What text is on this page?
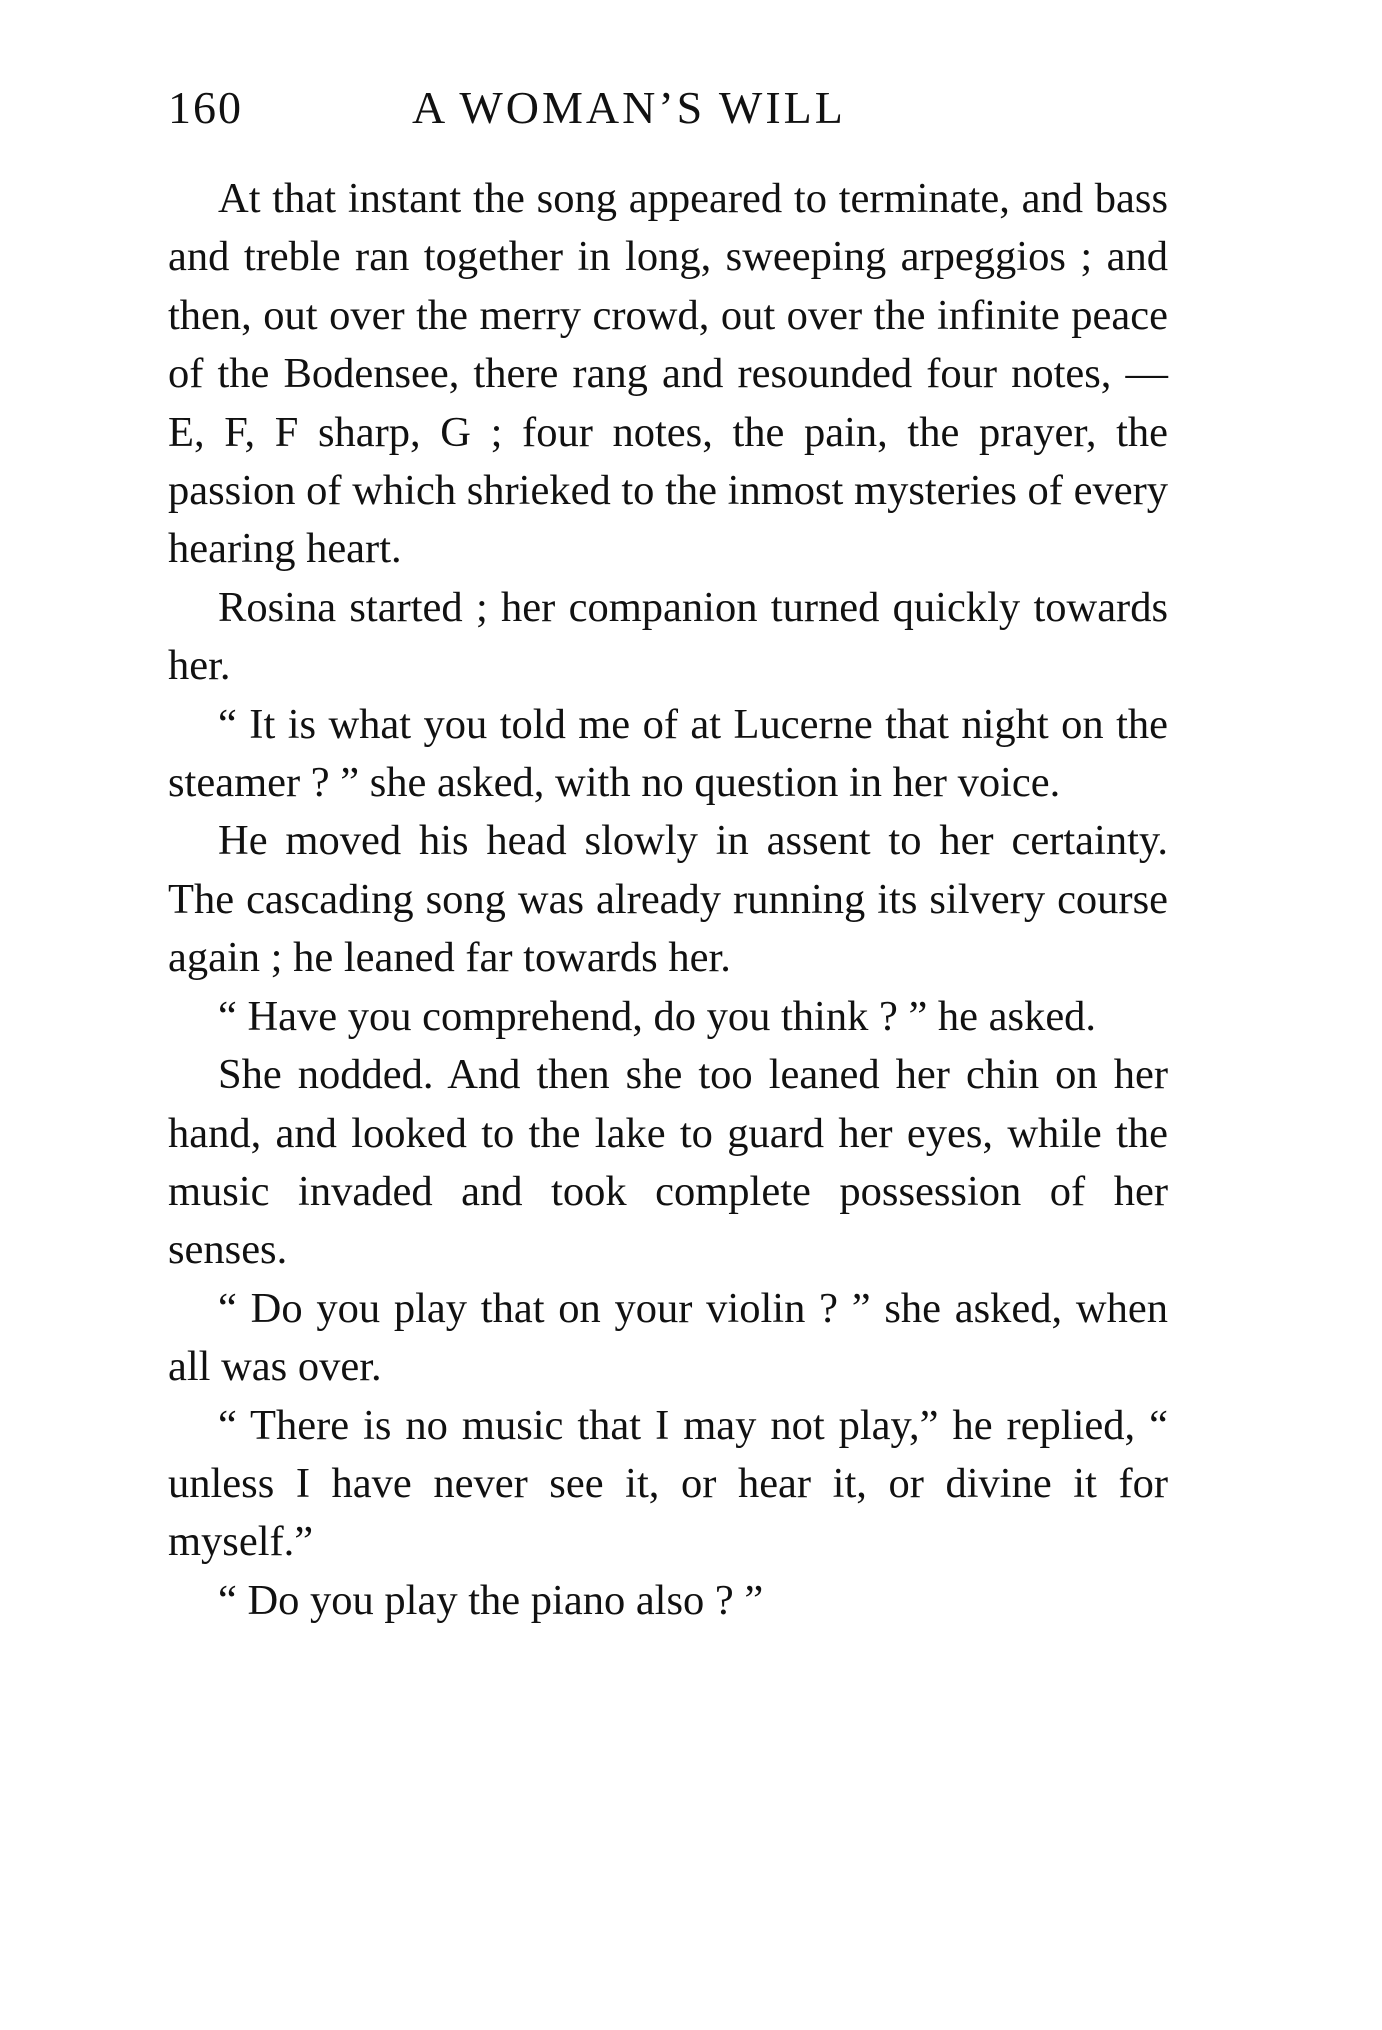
160	A WOMAN’S WILL

At that instant the song appeared to terminate, and bass and treble ran together in long, sweeping arpeggios ; and then, out over the merry crowd, out over the infinite peace of the Bodensee, there rang and resounded four notes, — E, F, F sharp, G ; four notes, the pain, the prayer, the passion of which shrieked to the inmost mysteries of every hearing heart.

Rosina started ; her companion turned quickly towards her.

“ It is what you told me of at Lucerne that night on the steamer ? ” she asked, with no question in her voice.

He moved his head slowly in assent to her certainty. The cascading song was already running its silvery course again ; he leaned far towards her.

“ Have you comprehend, do you think ? ” he asked.

She nodded. And then she too leaned her chin on her hand, and looked to the lake to guard her eyes, while the music invaded and took complete possession of her senses.

“ Do you play that on your violin ? ” she asked, when all was over.

“ There is no music that I may not play,” he replied, “ unless I have never see it, or hear it, or divine it for myself.”

“ Do you play the piano also ? ”
